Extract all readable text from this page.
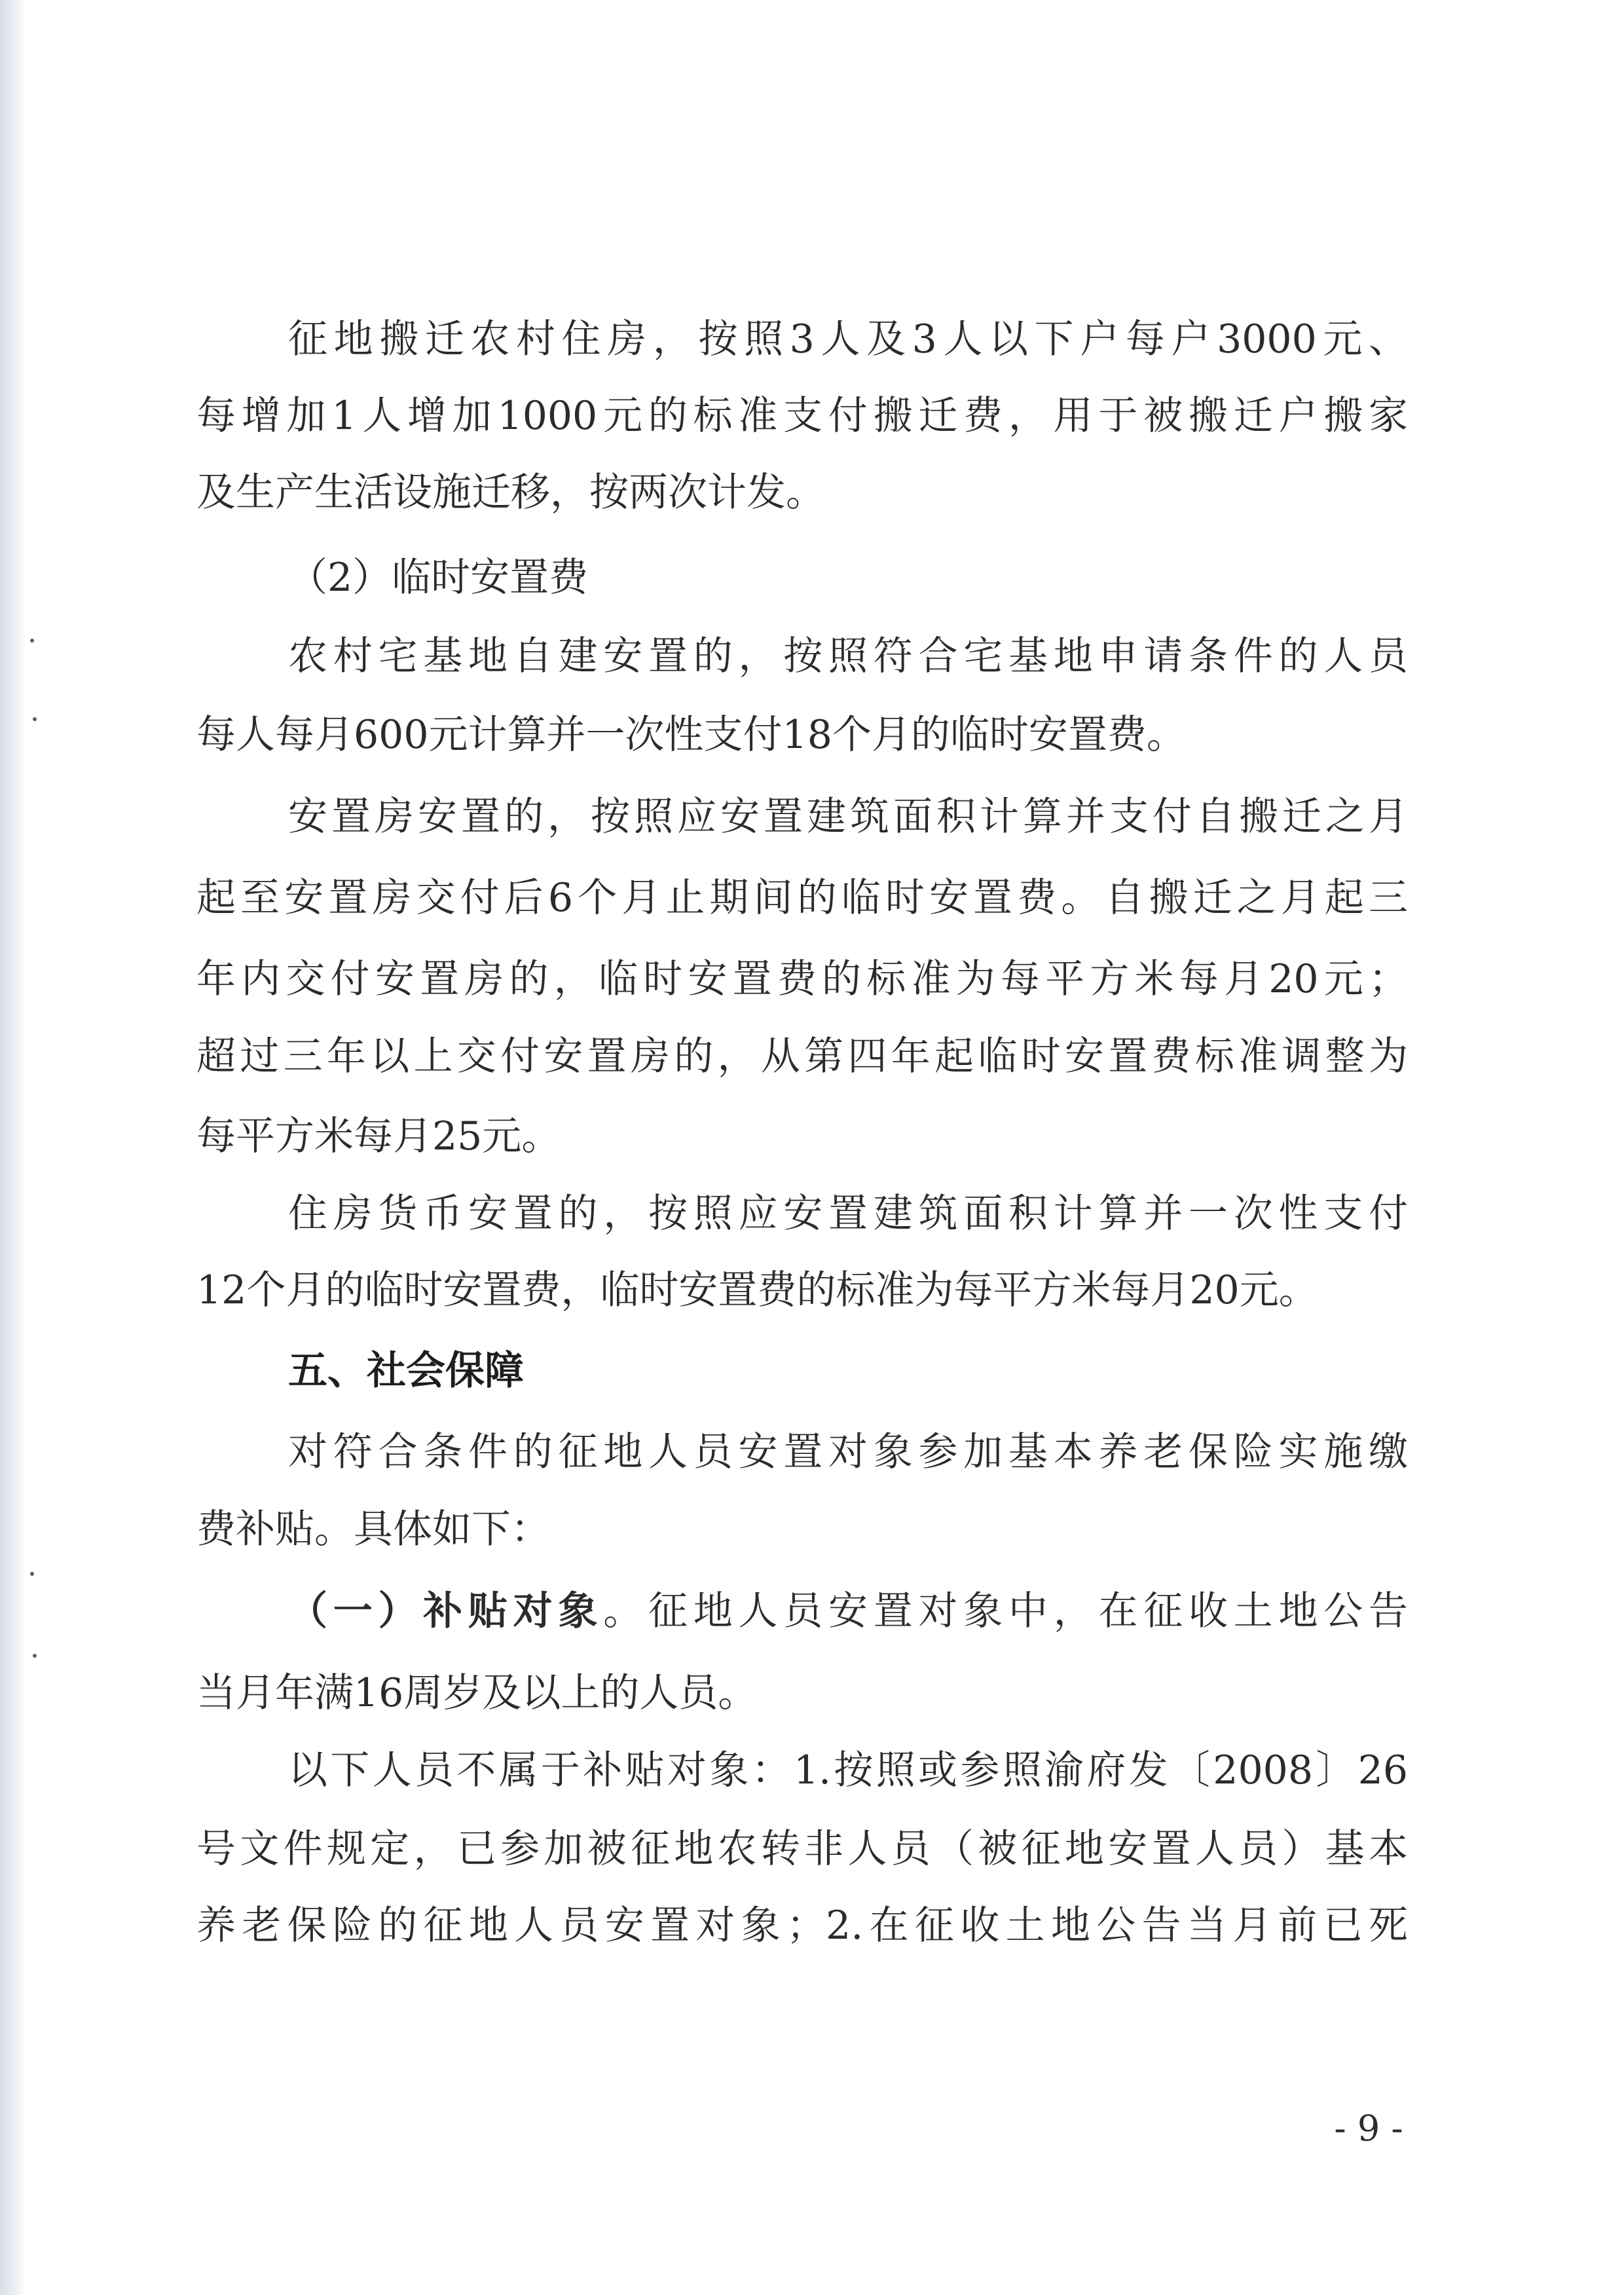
征地搬迁农村住房，按照3人及3人以下户每户3000元、

每增加1人增加1000元的标准支付搬迁费，用于被搬迁户搬家

及生产生活设施迁移，按两次计发。

（2）临时安置费

农村宅基地自建安置的，按照符合宅基地申请条件的人员

每人每月600元计算并一次性支付18个月的临时安置费。

安置房安置的，按照应安置建筑面积计算并支付自搬迁之月

起至安置房交付后6个月止期间的临时安置费。自搬迁之月起三

年内交付安置房的，临时安置费的标准为每平方米每月20元；

超过三年以上交付安置房的，从第四年起临时安置费标准调整为

每平方米每月25元。

住房货币安置的，按照应安置建筑面积计算并一次性支付

12个月的临时安置费，临时安置费的标准为每平方米每月20元。

五、社会保障

对符合条件的征地人员安置对象参加基本养老保险实施缴

费补贴。具体如下：

（一）补贴对象。征地人员安置对象中，在征收土地公告

当月年满16周岁及以上的人员。

以下人员不属于补贴对象：1.按照或参照渝府发〔2008〕26

号文件规定，已参加被征地农转非人员（被征地安置人员）基本

养老保险的征地人员安置对象；2.在征收土地公告当月前已死

- 9 -
